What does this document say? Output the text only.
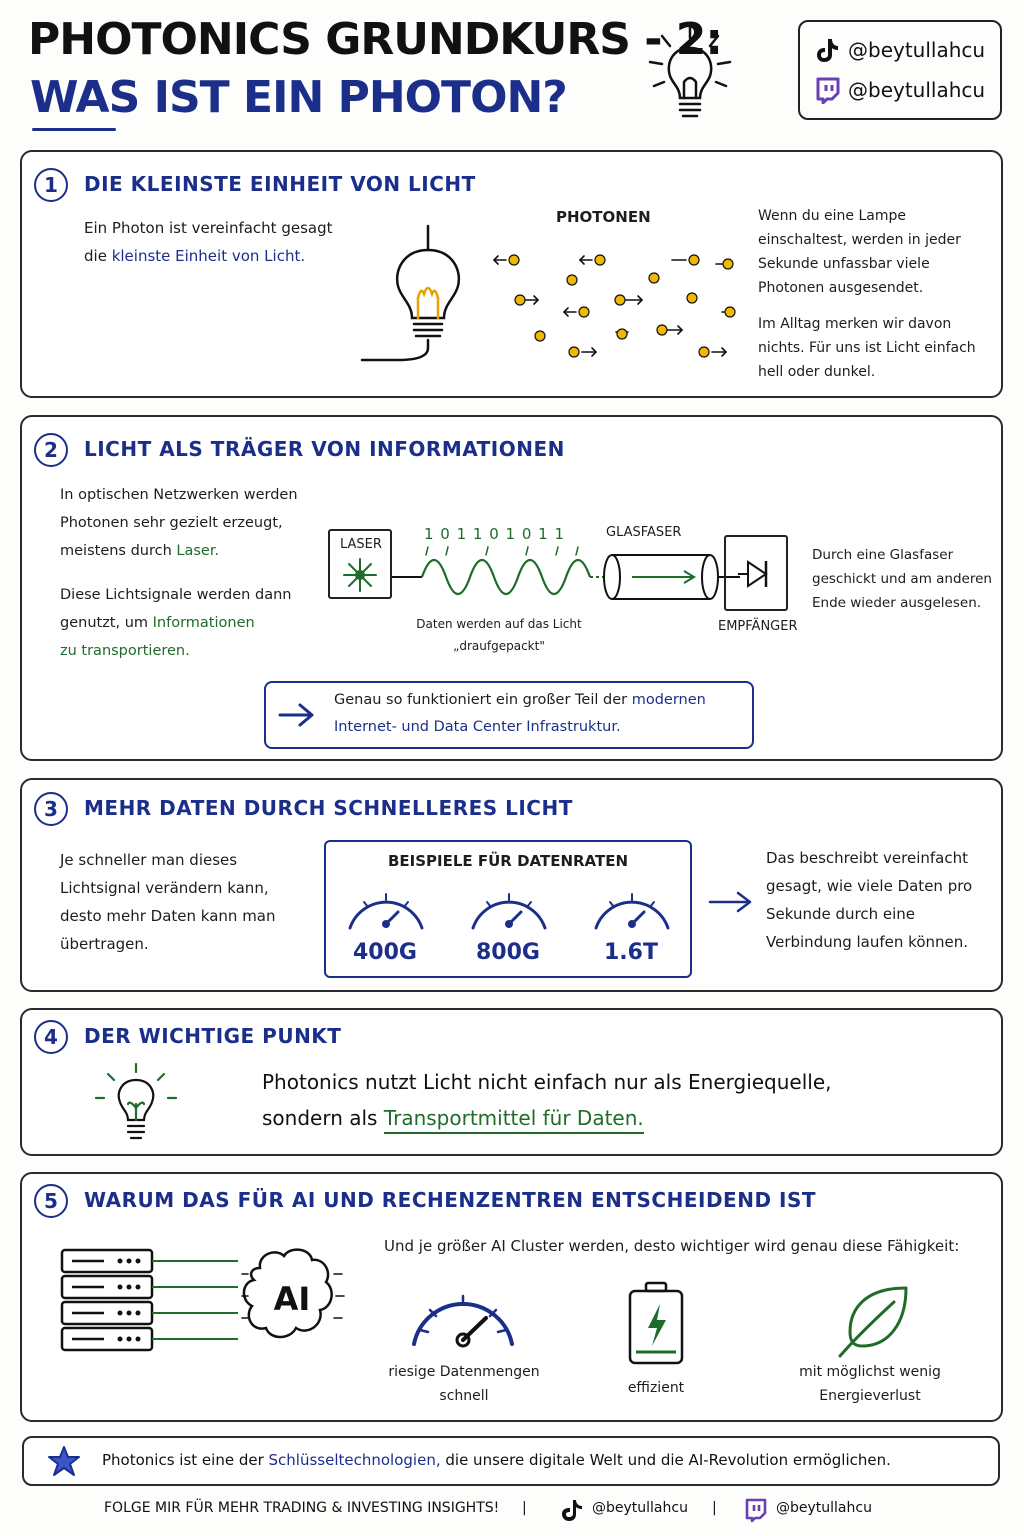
PHOTONICS GRUNDKURS - 2:
WAS IST EIN PHOTON?
@beytullahcu
@beytullahcu
1	DIE KLEINSTE EINHEIT VON LICHT
Ein Photon ist vereinfacht gesagt
die kleinste Einheit von Licht.
PHOTONEN	Wenn du eine Lampe einschaltest, werden in jeder Sekunde unfassbar viele Photonen ausgesendet.
Im Alltag merken wir davon nichts. Für uns ist Licht einfach hell oder dunkel.
2	LICHT ALS TRÄGER VON INFORMATIONEN
In optischen Netzwerken werden
Photonen sehr gezielt erzeugt,
meistens durch Laser.
Diese Lichtsignale werden dann
genutzt, um Informationen
zu transportieren.
LASER
1 0 1 1 0 1 0 1 1	GLASFASER
EMPFÄNGER
Daten werden auf das Licht
„draufgepackt"
Durch eine Glasfaser geschickt und am anderen Ende wieder ausgelesen.
Genau so funktioniert ein großer Teil der modernen
Internet- und Data Center Infrastruktur.
3	MEHR DATEN DURCH SCHNELLERES LICHT
Je schneller man dieses Lichtsignal verändern kann, desto mehr Daten kann man übertragen.
BEISPIELE FÜR DATENRATEN
400G	800G	1.6T
Das beschreibt vereinfacht gesagt, wie viele Daten pro Sekunde durch eine Verbindung laufen können.
4	DER WICHTIGE PUNKT
Photonics nutzt Licht nicht einfach nur als Energiequelle,
sondern als Transportmittel für Daten.
5	WARUM DAS FÜR AI UND RECHENZENTREN ENTSCHEIDEND IST
AI
Und je größer AI Cluster werden, desto wichtiger wird genau diese Fähigkeit:
riesige Datenmengen
schnell	effizient
mit möglichst wenig
Energieverlust
Photonics ist eine der Schlüsseltechnologien, die unsere digitale Welt und die AI-Revolution ermöglichen.
FOLGE MIR FÜR MEHR TRADING & INVESTING INSIGHTS! |	@beytullahcu |	@beytullahcu
